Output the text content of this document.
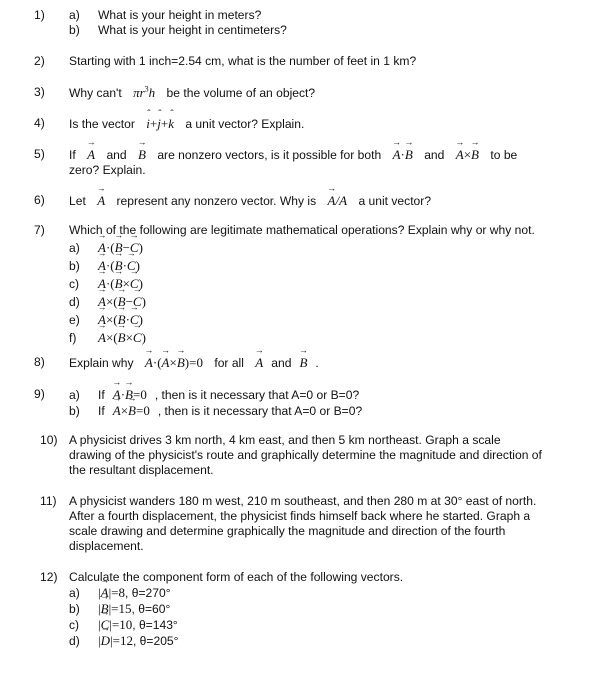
1) a) What is your height in meters?
b) What is your height in centimeters?
2) Starting with 1 inch=2.54 cm, what is the number of feet in 1 km?
3) Why can't $\pi r^3h$ be the volume of an object?
4) Is the vector ˆ i+ˆ j+ˆ k a unit vector? Explain.
5) If → A and → B are nonzero vectors, is it possible for both → A·→ B and → A×→ B to be
zero? Explain.
6) Let → A represent any nonzero vector. Why is → A/A a unit vector?
7) Which of the following are legitimate mathematical operations? Explain why or why not.
a) → A·(→ B−→ C)
b) → A·(→ B·→ C)
c) → A·(→ B×→ C)
d) → A×(→ B−→ C)
e) → A×(→ B·→ C)
f) → A×(→ B×→ C)
8) Explain why → A·(→ A×→ B)=0 for all → A and → B .
9) a) If → A·→ B=0 , then is it necessary that A=0 or B=0?
b) If → A×→ B=0 , then is it necessary that A=0 or B=0?
10) A physicist drives 3 km north, 4 km east, and then 5 km northeast. Graph a scale
drawing of the physicist's route and graphically determine the magnitude and direction of
the resultant displacement.
11) A physicist wanders 180 m west, 210 m southeast, and then 280 m at 30° east of north.
After a fourth displacement, the physicist finds himself back where he started. Graph a
scale drawing and determine graphically the magnitude and direction of the fourth
displacement.
12) Calculate the component form of each of the following vectors.
a) |→ A|=8, θ=270°
b) |→ B|=15, θ=60°
c) |→ C|=10, θ=143°
d) |→ D|=12, θ=205°
